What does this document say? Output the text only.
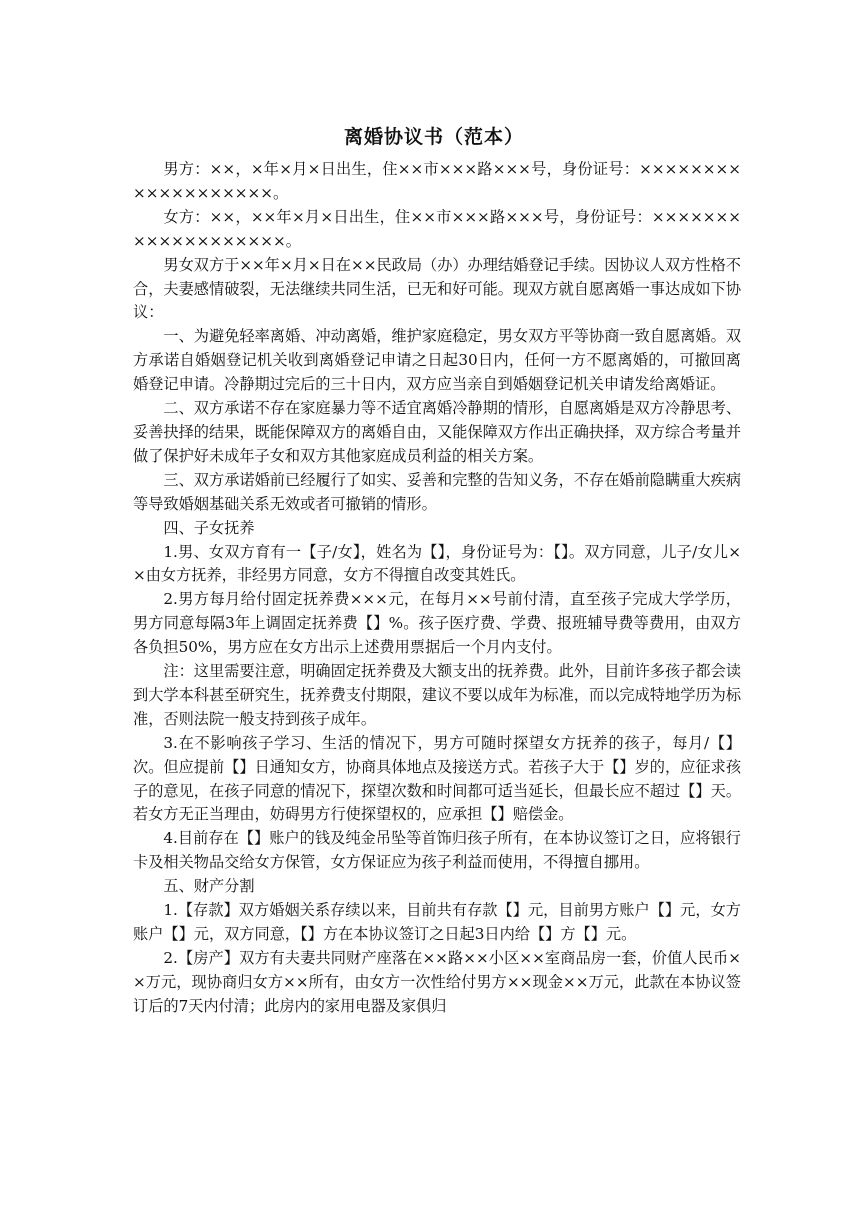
离婚协议书（范本）

男方：××，×年×月×日出生，住××市×××路×××号，身份证号：×××××××××××××××××××。

女方：××，××年×月×日出生，住××市×××路×××号，身份证号：×××××××××××××××××××。

男女双方于××年×月×日在××民政局（办）办理结婚登记手续。因协议人双方性格不合，夫妻感情破裂，无法继续共同生活，已无和好可能。现双方就自愿离婚一事达成如下协议：

一、为避免轻率离婚、冲动离婚，维护家庭稳定，男女双方平等协商一致自愿离婚。双方承诺自婚姻登记机关收到离婚登记申请之日起30日内，任何一方不愿离婚的，可撤回离婚登记申请。冷静期过完后的三十日内，双方应当亲自到婚姻登记机关申请发给离婚证。

二、双方承诺不存在家庭暴力等不适宜离婚冷静期的情形，自愿离婚是双方冷静思考、妥善抉择的结果，既能保障双方的离婚自由，又能保障双方作出正确抉择，双方综合考量并做了保护好未成年子女和双方其他家庭成员利益的相关方案。

三、双方承诺婚前已经履行了如实、妥善和完整的告知义务，不存在婚前隐瞒重大疾病等导致婚姻基础关系无效或者可撤销的情形。

四、子女抚养

1.男、女双方育有一【子/女】，姓名为【】，身份证号为：【】。双方同意，儿子/女儿××由女方抚养，非经男方同意，女方不得擅自改变其姓氏。

2.男方每月给付固定抚养费×××元，在每月××号前付清，直至孩子完成大学学历，男方同意每隔3年上调固定抚养费【】%。孩子医疗费、学费、报班辅导费等费用，由双方各负担50%，男方应在女方出示上述费用票据后一个月内支付。

注：这里需要注意，明确固定抚养费及大额支出的抚养费。此外，目前许多孩子都会读到大学本科甚至研究生，抚养费支付期限，建议不要以成年为标准，而以完成特地学历为标准，否则法院一般支持到孩子成年。

3.在不影响孩子学习、生活的情况下，男方可随时探望女方抚养的孩子，每月/【】次。但应提前【】日通知女方，协商具体地点及接送方式。若孩子大于【】岁的，应征求孩子的意见，在孩子同意的情况下，探望次数和时间都可适当延长，但最长应不超过【】天。若女方无正当理由，妨碍男方行使探望权的，应承担【】赔偿金。

4.目前存在【】账户的钱及纯金吊坠等首饰归孩子所有，在本协议签订之日，应将银行卡及相关物品交给女方保管，女方保证应为孩子利益而使用，不得擅自挪用。

五、财产分割

1.【存款】双方婚姻关系存续以来，目前共有存款【】元，目前男方账户【】元，女方账户【】元，双方同意，【】方在本协议签订之日起3日内给【】方【】元。

2.【房产】双方有夫妻共同财产座落在××路××小区××室商品房一套，价值人民币××万元，现协商归女方××所有，由女方一次性给付男方××现金××万元，此款在本协议签订后的7天内付清；此房内的家用电器及家俱归
